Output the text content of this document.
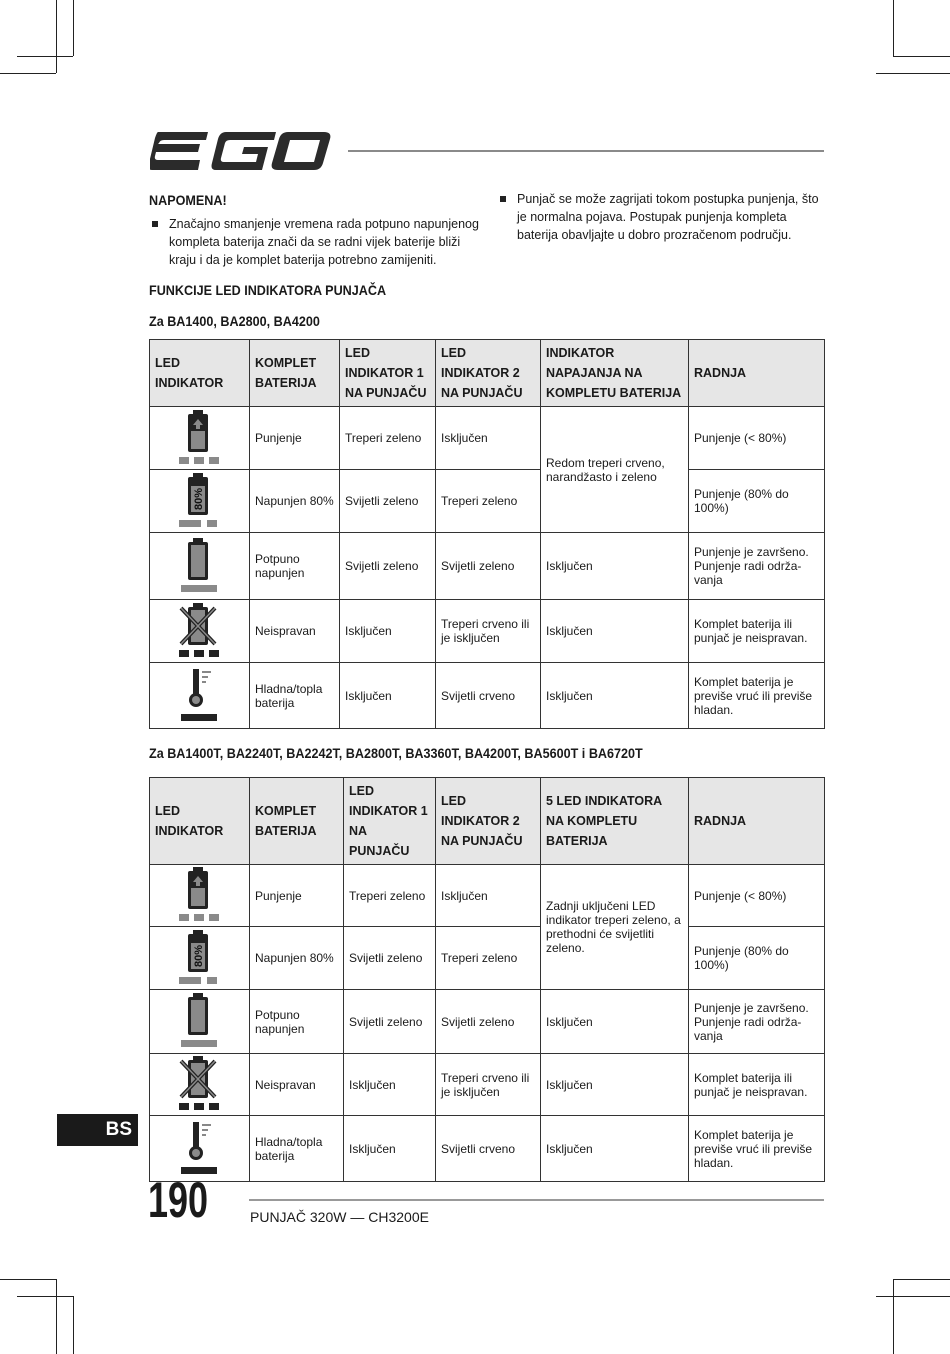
NAPOMENA!
Značajno smanjenje vremena rada potpuno napunjenog kompleta baterija znači da se radni vijek baterije bliži kraju i da je komplet baterija potrebno zamijeniti.
Punjač se može zagrijati tokom postupka punjenja, što je normalna pojava. Postupak punjenja kompleta baterija obavljajte u dobro prozračenom području.
FUNKCIJE LED INDIKATORA PUNJAČA
Za BA1400, BA2800, BA4200
LED INDIKATOR	KOMPLET BATERIJA	LED INDIKATOR 1 NA PUNJAČU	LED INDIKATOR 2 NA PUNJAČU	INDIKATOR NAPAJANJA NA KOMPLETU BATERIJA	RADNJA
	Punjenje	Treperi zeleno	Isključen	Redom treperi crveno, narandžasto i zeleno	Punjenje (< 80%)

80%	Napunjen 80%	Svijetli zeleno	Treperi zeleno		Punjenje (80% do 100%)
	Potpuno napunjen	Svijetli zeleno	Svijetli zeleno	Isključen	Punjenje je završeno. Punjenje radi održa-vanja
	Neispravan	Isključen	Treperi crveno ili je isključen	Isključen	Komplet baterija ili punjač je neispravan.
	Hladna/topla baterija	Isključen	Svijetli crveno	Isključen	Komplet baterija je previše vruć ili previše hladan.
Za BA1400T, BA2240T, BA2242T, BA2800T, BA3360T, BA4200T, BA5600T i BA6720T
LED INDIKATOR	KOMPLET BATERIJA	LED INDIKATOR 1 NA PUNJAČU	LED INDIKATOR 2 NA PUNJAČU	5 LED INDIKATORA NA KOMPLETU BATERIJA	RADNJA
	Punjenje	Treperi zeleno	Isključen	Zadnji uključeni LED indikator treperi zeleno, a prethodni će svijetliti zeleno.	Punjenje (< 80%)

80%	Napunjen 80%	Svijetli zeleno	Treperi zeleno		Punjenje (80% do 100%)
	Potpuno napunjen	Svijetli zeleno	Svijetli zeleno	Isključen	Punjenje je završeno. Punjenje radi održa-vanja
	Neispravan	Isključen	Treperi crveno ili je isključen	Isključen	Komplet baterija ili punjač je neispravan.
	Hladna/topla baterija	Isključen	Svijetli crveno	Isključen	Komplet baterija je previše vruć ili previše hladan.
BS
190	PUNJAČ 320W — CH3200E
